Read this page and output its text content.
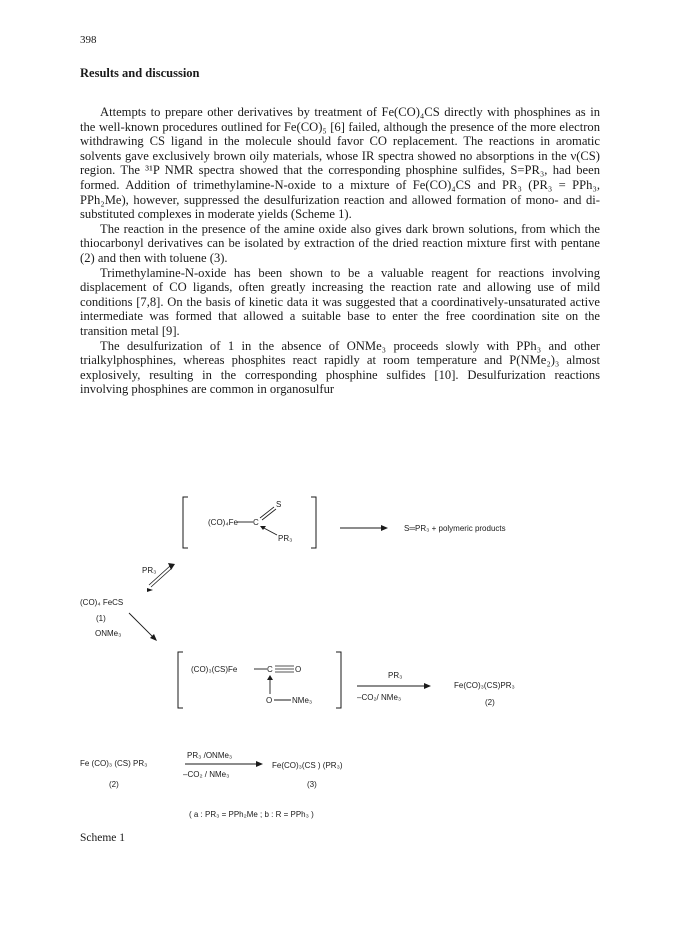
398
Results and discussion

Attempts to prepare other derivatives by treatment of Fe(CO)₄CS directly with phosphines as in the well-known procedures outlined for Fe(CO)₅ [6] failed, although the presence of the more electron withdrawing CS ligand in the molecule should favor CO replacement. The reactions in aromatic solvents gave exclusively brown oily materials, whose IR spectra showed no absorptions in the ν(CS) region. The ³¹P NMR spectra showed that the corresponding phosphine sulfides, S=PR₃, had been formed. Addition of trimethylamine-N-oxide to a mixture of Fe(CO)₄CS and PR₃ (PR₃ = PPh₃, PPh₂Me), however, suppressed the desulfurization reaction and allowed formation of mono- and di-substituted complexes in moderate yields (Scheme 1).

The reaction in the presence of the amine oxide also gives dark brown solutions, from which the thiocarbonyl derivatives can be isolated by extraction of the dried reaction mixture first with pentane (2) and then with toluene (3).

Trimethylamine-N-oxide has been shown to be a valuable reagent for reactions involving displacement of CO ligands, often greatly increasing the reaction rate and allowing use of mild conditions [7,8]. On the basis of kinetic data it was suggested that a coordinatively-unsaturated active intermediate was formed that allowed a suitable base to enter the free coordination site on the transition metal [9].

The desulfurization of 1 in the absence of ONMe₃ proceeds slowly with PPh₃ and other trialkylphosphines, whereas phosphites react rapidly at room temperature and P(NMe₂)₃ almost explosively, resulting in the corresponding phosphine sulfides [10]. Desulfurization reactions involving phosphines are common in organosulfur

(CO)₄Fe C
S
PR₃
S═PR₃ + polymeric products
PR₃
(CO)₄ FeCS
(1)
ONMe₃
(CO)₃(CS)Fe	C	O
O NMe₃
PR₃
–CO₂/ NMe₃
Fe(CO)₃(CS)PR₃
(2)
Fe (CO)₃ (CS) PR₃
(2)
PR₃ /ONMe₃
–CO₂ / NMe₃
Fe(CO)₃(CS ) (PR₃)
(3)
( a : PR₃ = PPh₂Me ; b : R = PPh₃ )
Scheme 1
